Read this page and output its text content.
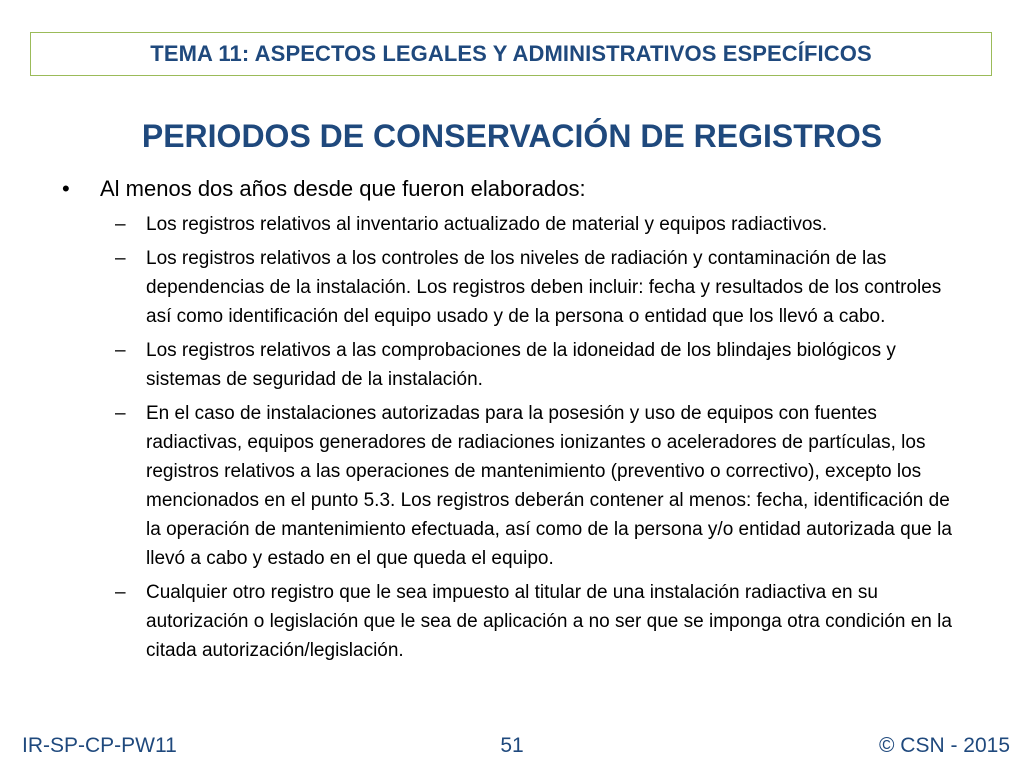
TEMA 11: ASPECTOS LEGALES Y ADMINISTRATIVOS ESPECÍFICOS
PERIODOS DE CONSERVACIÓN DE REGISTROS
•	Al menos dos años desde que fueron elaborados:
–	Los registros relativos al inventario actualizado de material y equipos radiactivos.
–	Los registros relativos a los controles de los niveles de radiación y contaminación de las dependencias de la instalación. Los registros deben incluir: fecha y resultados de los controles así como identificación del equipo usado y de la persona o entidad que los llevó a cabo.
–	Los registros relativos a las comprobaciones de la idoneidad de los blindajes biológicos y sistemas de seguridad de la instalación.
–	En el caso de instalaciones autorizadas para la posesión y uso de equipos con fuentes radiactivas, equipos generadores de radiaciones ionizantes o aceleradores de partículas, los registros relativos a las operaciones de mantenimiento (preventivo o correctivo), excepto los mencionados en el punto 5.3. Los registros deberán contener al menos: fecha, identificación de la operación de mantenimiento efectuada, así como de la persona y/o entidad autorizada que la llevó a cabo y estado en el que queda el equipo.
–	Cualquier otro registro que le sea impuesto al titular de una instalación radiactiva en su autorización o legislación que le sea de aplicación a no ser que se imponga otra condición en la citada autorización/legislación.
IR-SP-CP-PW11	51	© CSN - 2015
